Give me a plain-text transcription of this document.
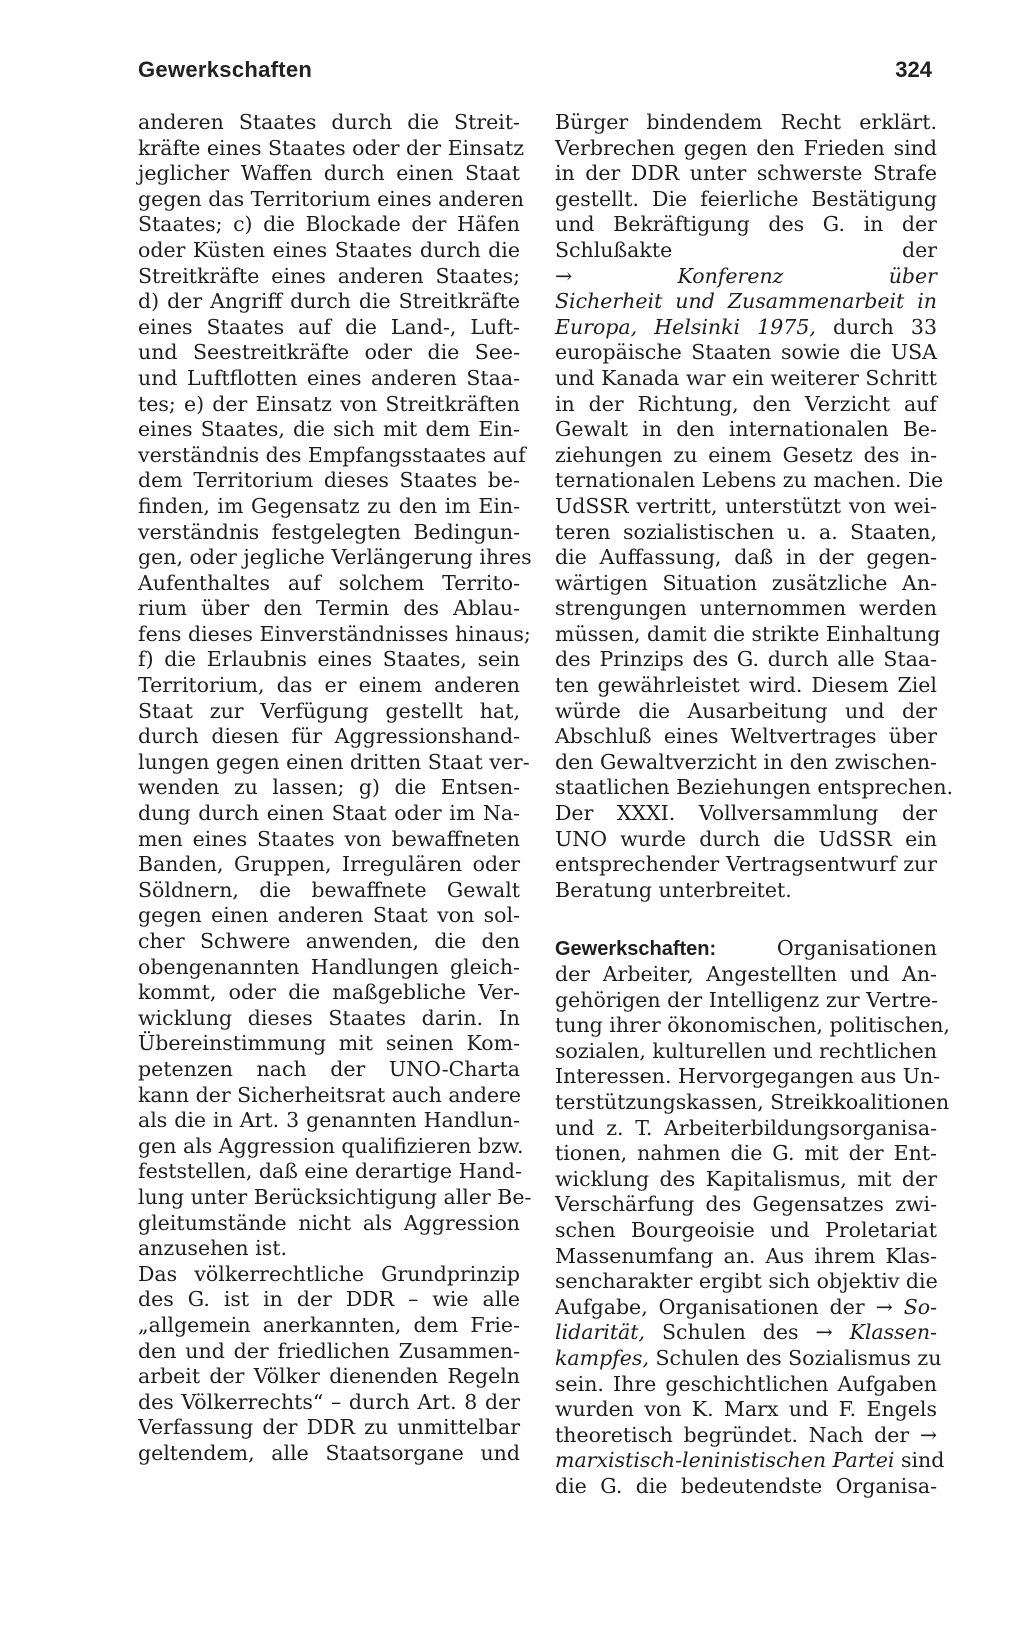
Gewerkschaften	324
anderen Staates durch die Streit-
kräfte eines Staates oder der Einsatz
jeglicher Waffen durch einen Staat
gegen das Territorium eines anderen
Staates; c) die Blockade der Häfen
oder Küsten eines Staates durch die
Streitkräfte eines anderen Staates;
d) der Angriff durch die Streitkräfte
eines Staates auf die Land-, Luft-
und Seestreitkräfte oder die See-
und Luftflotten eines anderen Staa-
tes; e) der Einsatz von Streitkräften
eines Staates, die sich mit dem Ein-
verständnis des Empfangsstaates auf
dem Territorium dieses Staates be-
finden, im Gegensatz zu den im Ein-
verständnis festgelegten Bedingun-
gen, oder jegliche Verlängerung ihres
Aufenthaltes auf solchem Territo-
rium über den Termin des Ablau-
fens dieses Einverständnisses hinaus;
f) die Erlaubnis eines Staates, sein
Territorium, das er einem anderen
Staat zur Verfügung gestellt hat,
durch diesen für Aggressionshand-
lungen gegen einen dritten Staat ver-
wenden zu lassen; g) die Entsen-
dung durch einen Staat oder im Na-
men eines Staates von bewaffneten
Banden, Gruppen, Irregulären oder
Söldnern, die bewaffnete Gewalt
gegen einen anderen Staat von sol-
cher Schwere anwenden, die den
obengenannten Handlungen gleich-
kommt, oder die maßgebliche Ver-
wicklung dieses Staates darin. In
Übereinstimmung mit seinen Kom-
petenzen nach der UNO-Charta
kann der Sicherheitsrat auch andere
als die in Art. 3 genannten Handlun-
gen als Aggression qualifizieren bzw.
feststellen, daß eine derartige Hand-
lung unter Berücksichtigung aller Be-
gleitumstände nicht als Aggression
anzusehen ist.
Das völkerrechtliche Grundprinzip
des G. ist in der DDR – wie alle
„allgemein anerkannten, dem Frie-
den und der friedlichen Zusammen-
arbeit der Völker dienenden Regeln
des Völkerrechts“ – durch Art. 8 der
Verfassung der DDR zu unmittelbar
geltendem, alle Staatsorgane und
Bürger bindendem Recht erklärt.
Verbrechen gegen den Frieden sind
in der DDR unter schwerste Strafe
gestellt. Die feierliche Bestätigung
und Bekräftigung des G. in der
Schlußakte der
→	Konferenz über
Sicherheit und Zusammenarbeit in
Europa, Helsinki 1975, durch 33
europäische Staaten sowie die USA
und Kanada war ein weiterer Schritt
in der Richtung, den Verzicht auf
Gewalt in den internationalen Be-
ziehungen zu einem Gesetz des in-
ternationalen Lebens zu machen. Die
UdSSR vertritt, unterstützt von wei-
teren sozialistischen u. a. Staaten,
die Auffassung, daß in der gegen-
wärtigen Situation zusätzliche An-
strengungen unternommen werden
müssen, damit die strikte Einhaltung
des Prinzips des G. durch alle Staa-
ten gewährleistet wird. Diesem Ziel
würde die Ausarbeitung und der
Abschluß eines Weltvertrages über
den Gewaltverzicht in den zwischen-
staatlichen Beziehungen entsprechen.
Der XXXI. Vollversammlung der
UNO wurde durch die UdSSR ein
entsprechender Vertragsentwurf zur
Beratung unterbreitet.
Gewerkschaften:	Organisationen
der Arbeiter, Angestellten und An-
gehörigen der Intelligenz zur Vertre-
tung ihrer ökonomischen, politischen,
sozialen, kulturellen und rechtlichen
Interessen. Hervorgegangen aus Un-
terstützungskassen, Streikkoalitionen
und z. T. Arbeiterbildungsorganisa-
tionen, nahmen die G. mit der Ent-
wicklung des Kapitalismus, mit der
Verschärfung des Gegensatzes zwi-
schen Bourgeoisie und Proletariat
Massenumfang an. Aus ihrem Klas-
sencharakter ergibt sich objektiv die
Aufgabe, Organisationen der → So-
lidarität, Schulen des → Klassen-
kampfes, Schulen des Sozialismus zu
sein. Ihre geschichtlichen Aufgaben
wurden von K. Marx und F. Engels
theoretisch begründet. Nach der →
marxistisch-leninistischen Partei sind
die G. die bedeutendste Organisa-
